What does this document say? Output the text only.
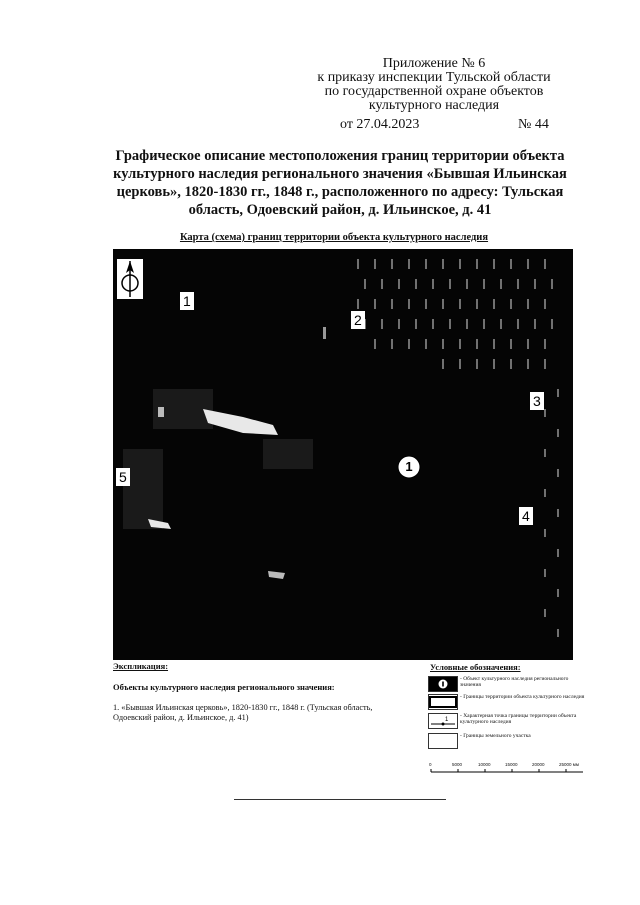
Приложение № 6
к приказу инспекции Тульской области
по государственной охране объектов
культурного наследия
от 27.04.2023	№ 44
Графическое описание местоположения границ территории объекта культурного наследия регионального значения «Бывшая Ильинская церковь», 1820-1830 гг., 1848 г., расположенного по адресу: Тульская область, Одоевский район, д. Ильинское, д. 41
Карта (схема) границ территории объекта культурного наследия
1
2
3
4
5
1
Экспликация:
Объекты культурного наследия регионального значения:
1. «Бывшая Ильинская церковь», 1820-1830 гг., 1848 г. (Тульская область, Одоевский район, д. Ильинское, д. 41)
Условные обозначения:
- Объект культурного наследия регионального значения
- Границы территории объекта культурного наследия
1
- Характерная точка границы территории объекта культурного наследия
- Границы земельного участка
0	5000	10000	15000	20000	25000 мм
